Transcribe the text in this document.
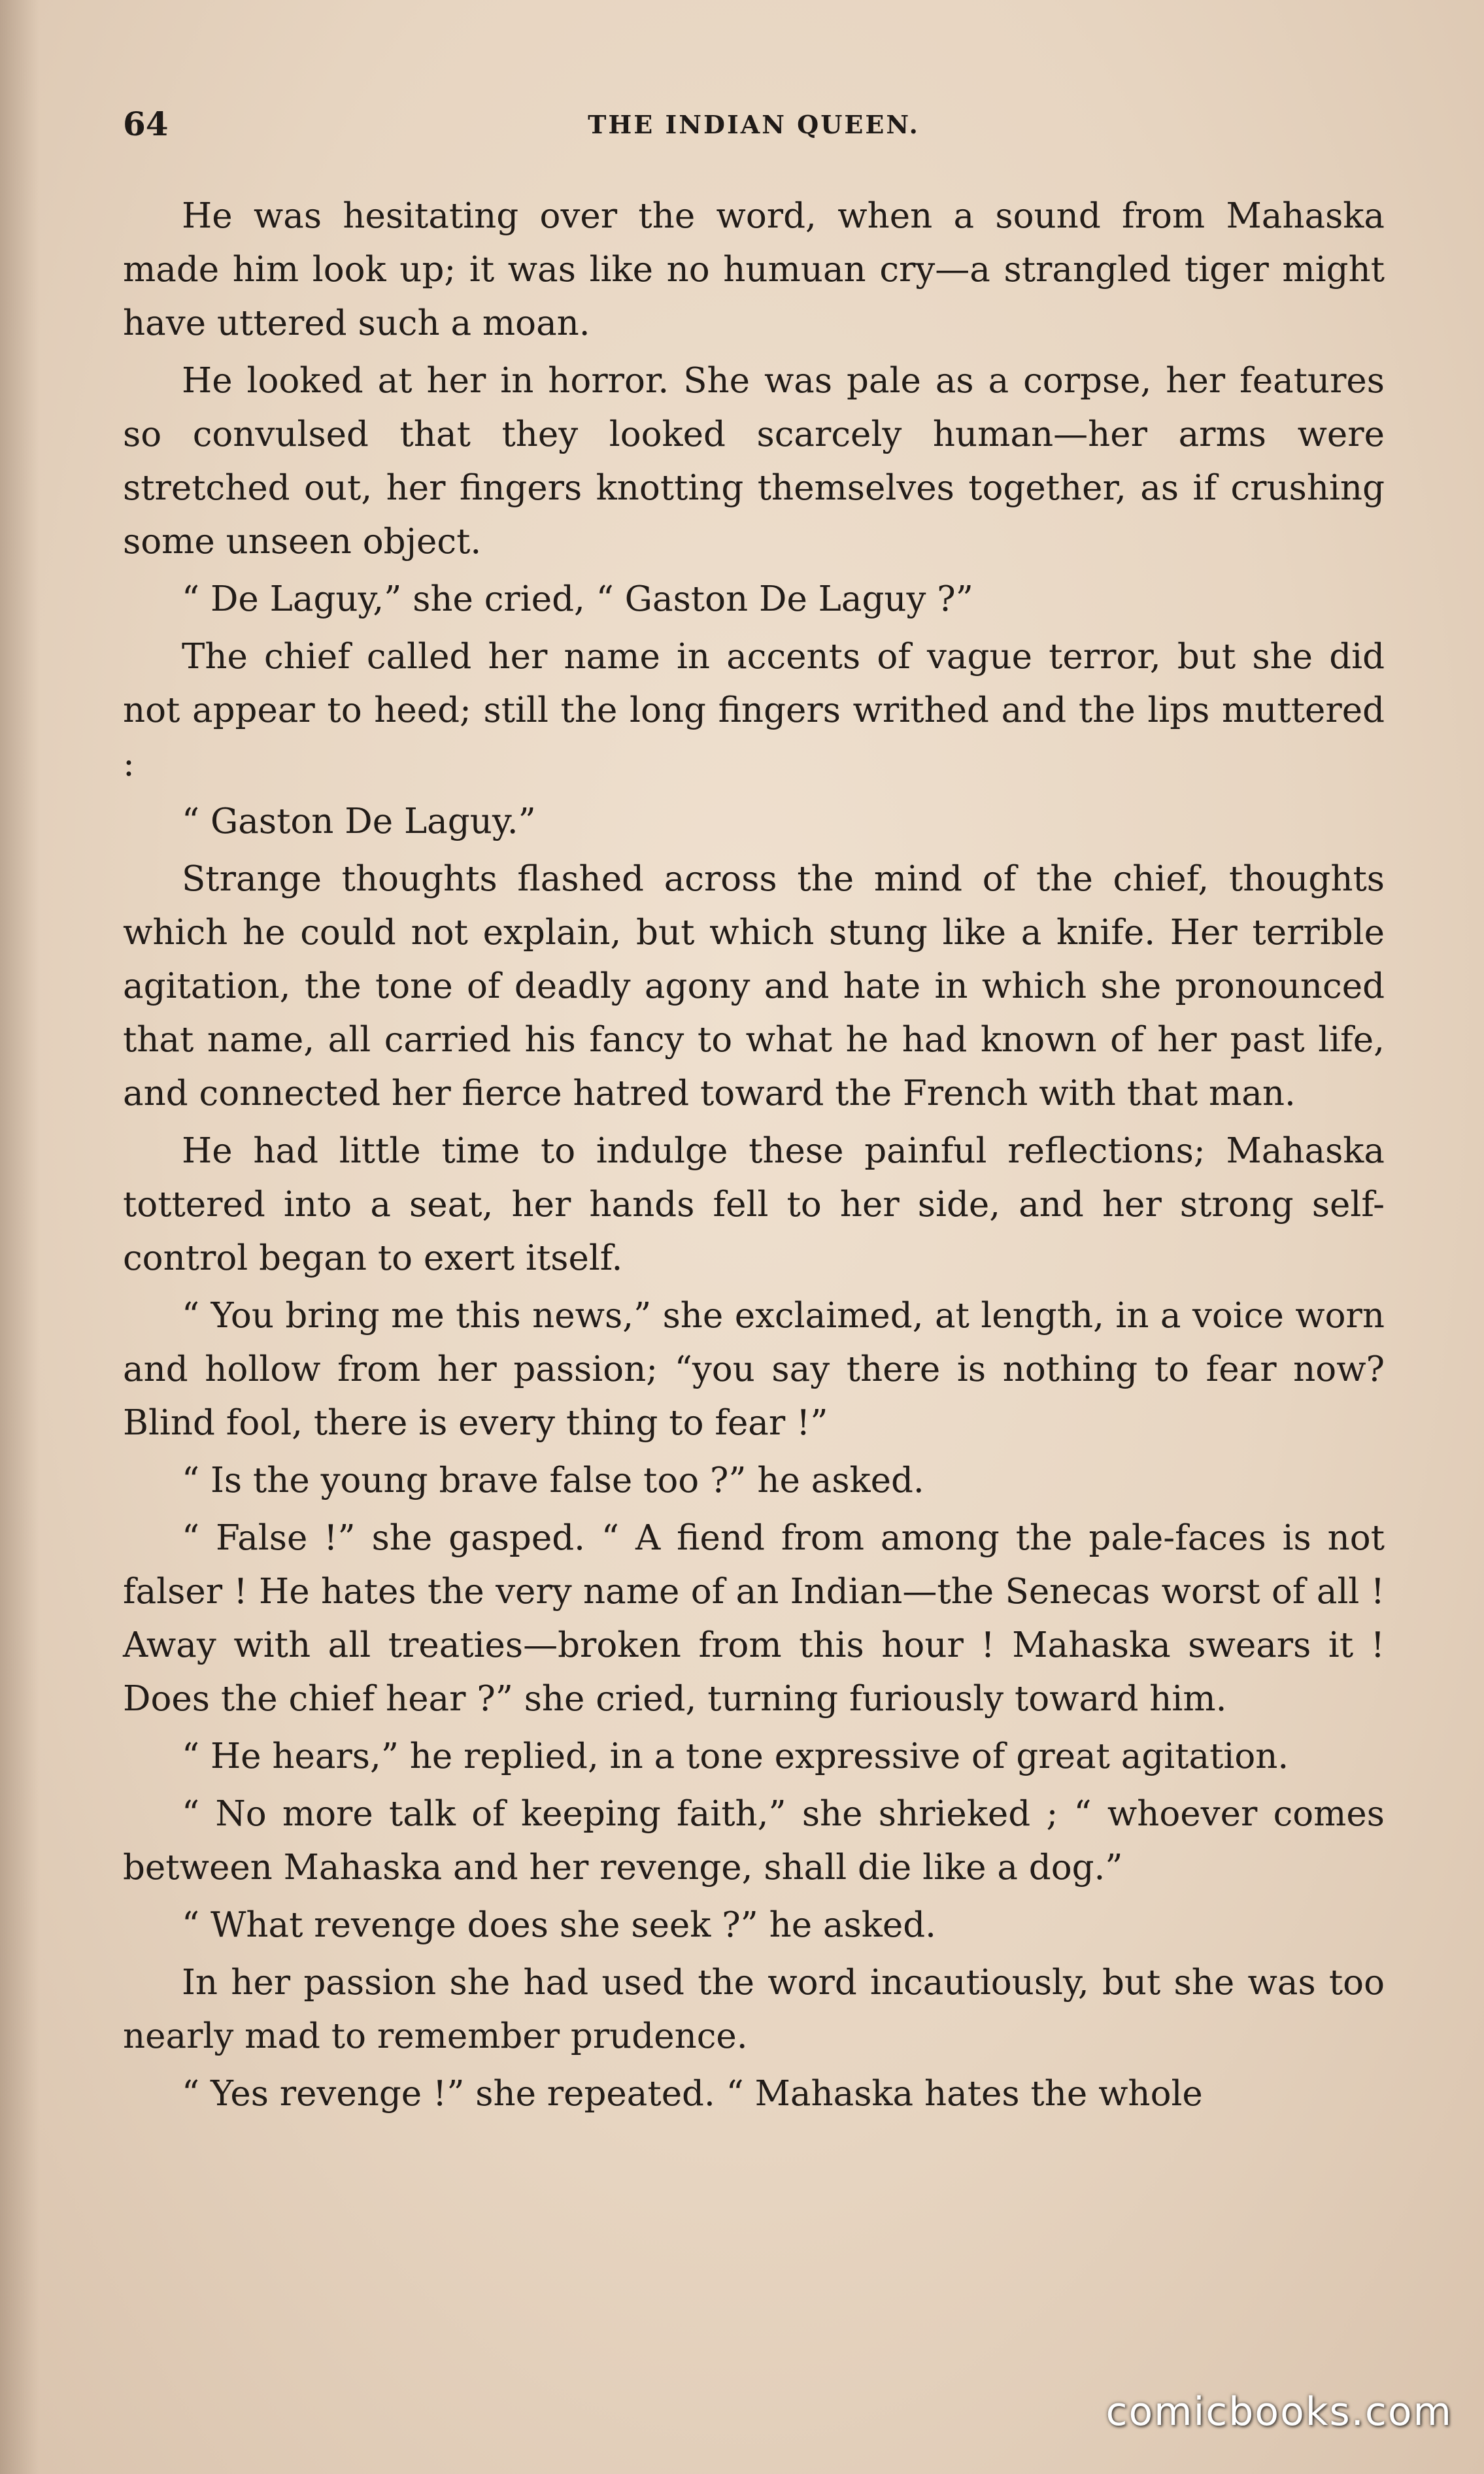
64	THE INDIAN QUEEN.

He was hesitating over the word, when a sound from Mahaska made him look up; it was like no humuan cry—a strangled tiger might have uttered such a moan.

He looked at her in horror. She was pale as a corpse, her features so convulsed that they looked scarcely human—her arms were stretched out, her fingers knotting themselves together, as if crushing some unseen object.

“ De Laguy,” she cried, “ Gaston De Laguy ?”

The chief called her name in accents of vague terror, but she did not appear to heed; still the long fingers writhed and the lips muttered :

“ Gaston De Laguy.”

Strange thoughts flashed across the mind of the chief, thoughts which he could not explain, but which stung like a knife. Her terrible agitation, the tone of deadly agony and hate in which she pronounced that name, all carried his fancy to what he had known of her past life, and connected her fierce hatred toward the French with that man.

He had little time to indulge these painful reflections; Mahaska tottered into a seat, her hands fell to her side, and her strong self-control began to exert itself.

“ You bring me this news,” she exclaimed, at length, in a voice worn and hollow from her passion; “you say there is nothing to fear now? Blind fool, there is every thing to fear !”

“ Is the young brave false too ?” he asked.

“ False !” she gasped. “ A fiend from among the pale-faces is not falser ! He hates the very name of an Indian—the Senecas worst of all ! Away with all treaties—broken from this hour ! Mahaska swears it ! Does the chief hear ?” she cried, turning furiously toward him.

“ He hears,” he replied, in a tone expressive of great agitation.

“ No more talk of keeping faith,” she shrieked ; “ whoever comes between Mahaska and her revenge, shall die like a dog.”

“ What revenge does she seek ?” he asked.

In her passion she had used the word incautiously, but she was too nearly mad to remember prudence.

“ Yes revenge !” she repeated. “ Mahaska hates the whole

comicbooks.com
